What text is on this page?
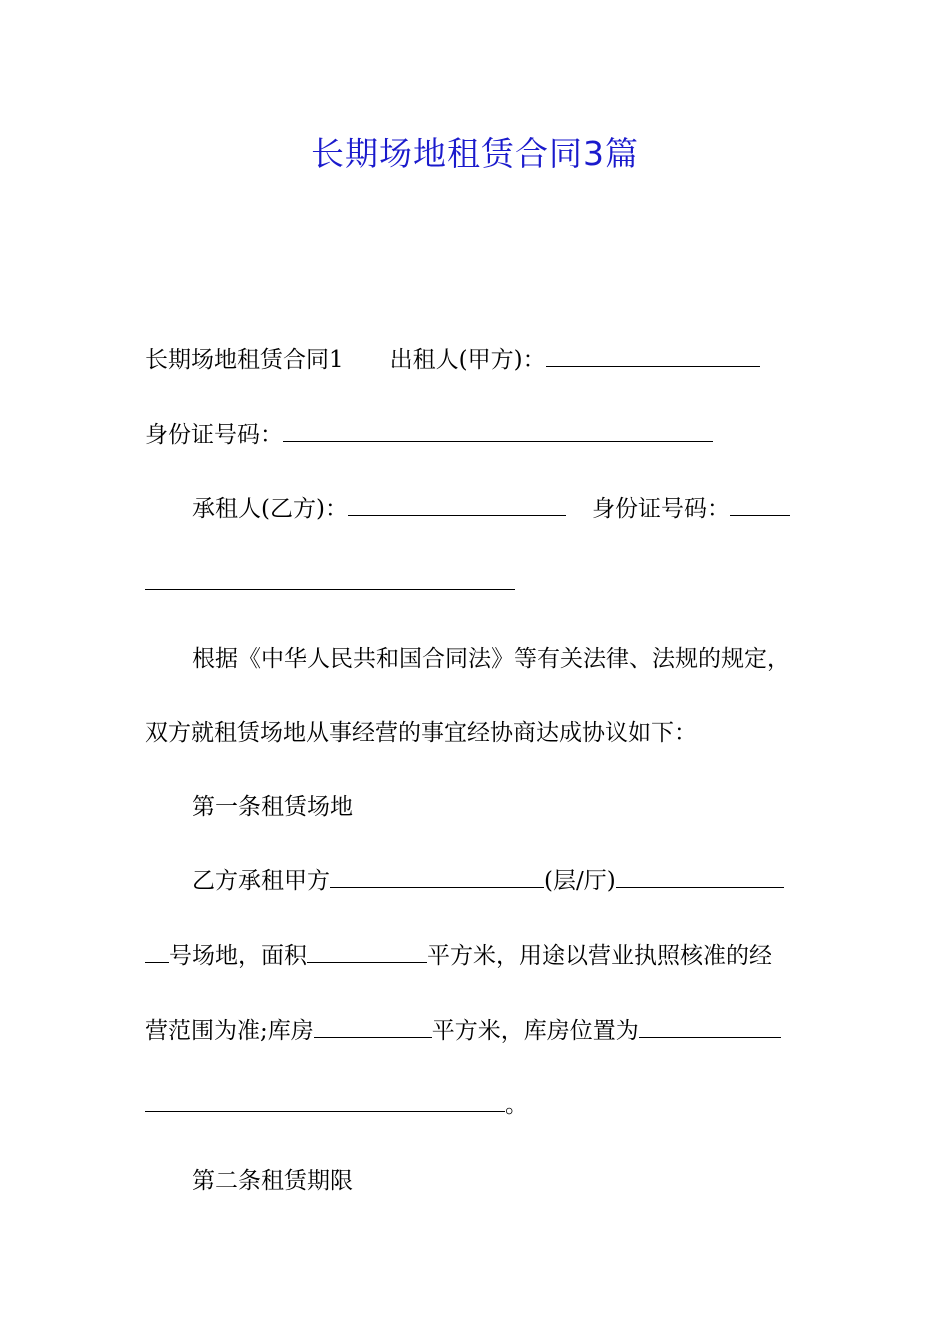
长期场地租赁合同3篇
长期场地租赁合同1 出租人(甲方)：
身份证号码：
承租人(乙方)：	身份证号码：
根据《中华人民共和国合同法》等有关法律、法规的规定，
双方就租赁场地从事经营的事宜经协商达成协议如下：
第一条租赁场地
乙方承租甲方	(层/厅)
号场地，面积	平方米，用途以营业执照核准的经
营范围为准;库房	平方米，库房位置为
。
第二条租赁期限
